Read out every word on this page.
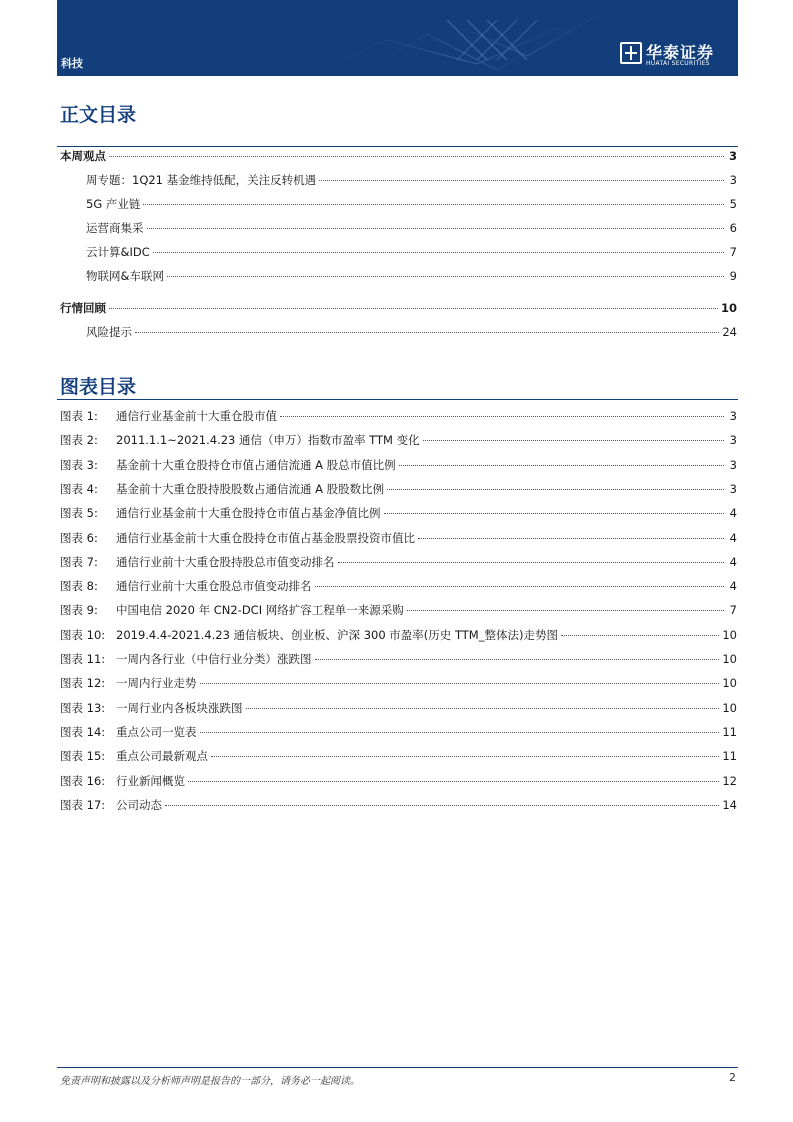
科技
华泰证券
HUATAI SECURITIES
正文目录
本周观点	3
周专题：1Q21 基金维持低配，关注反转机遇	3
5G 产业链	5
运营商集采	6
云计算&IDC	7
物联网&车联网	9
行情回顾	10
风险提示	24
图表目录
图表 1:	通信行业基金前十大重仓股市值	3
图表 2:	2011.1.1~2021.4.23 通信（申万）指数市盈率 TTM 变化	3
图表 3:	基金前十大重仓股持仓市值占通信流通 A 股总市值比例	3
图表 4:	基金前十大重仓股持股股数占通信流通 A 股股数比例	3
图表 5:	通信行业基金前十大重仓股持仓市值占基金净值比例	4
图表 6:	通信行业基金前十大重仓股持仓市值占基金股票投资市值比	4
图表 7:	通信行业前十大重仓股持股总市值变动排名	4
图表 8:	通信行业前十大重仓股总市值变动排名	4
图表 9:	中国电信 2020 年 CN2-DCI 网络扩容工程单一来源采购	7
图表 10: 2019.4.4-2021.4.23 通信板块、创业板、沪深 300 市盈率(历史 TTM_整体法)走势图	10
图表 11: 一周内各行业（中信行业分类）涨跌图	10
图表 12: 一周内行业走势	10
图表 13: 一周行业内各板块涨跌图	10
图表 14: 重点公司一览表	11
图表 15: 重点公司最新观点	11
图表 16: 行业新闻概览	12
图表 17: 公司动态	14
免责声明和披露以及分析师声明是报告的一部分，请务必一起阅读。	2
